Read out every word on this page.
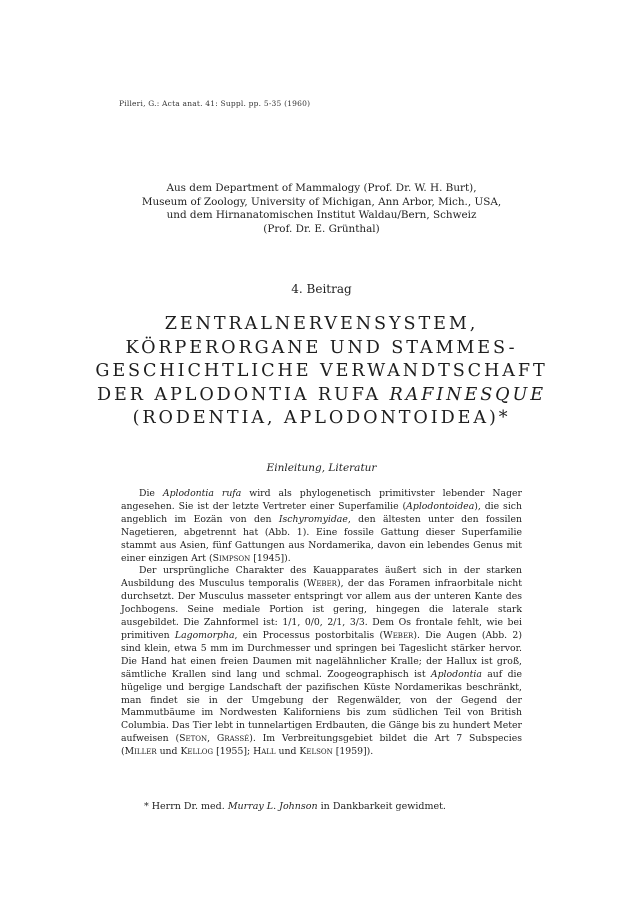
Pilleri, G.: Acta anat. 41: Suppl. pp. 5-35 (1960)
Aus dem Department of Mammalogy (Prof. Dr. W. H. Burt),
Museum of Zoology, University of Michigan, Ann Arbor, Mich., USA,
und dem Hirnanatomischen Institut Waldau/Bern, Schweiz
(Prof. Dr. E. Grünthal)
4. Beitrag
ZENTRALNERVENSYSTEM,
KÖRPERORGANE UND STAMMES-
GESCHICHTLICHE VERWANDTSCHAFT
DER APLODONTIA RUFA RAFINESQUE
(RODENTIA, APLODONTOIDEA)*
Einleitung, Literatur

Die Aplodontia rufa wird als phylogenetisch primitivster lebender Nager angesehen. Sie ist der letzte Vertreter einer Superfamilie (Aplodontoidea), die sich angeblich im Eozän von den Ischyromyidae, den ältesten unter den fossilen Nagetieren, abgetrennt hat (Abb. 1). Eine fossile Gattung dieser Superfamilie stammt aus Asien, fünf Gattungen aus Nordamerika, davon ein lebendes Genus mit einer einzigen Art (Simpson [1945]).

Der ursprüngliche Charakter des Kauapparates äußert sich in der starken Ausbildung des Musculus temporalis (Weber), der das Foramen infraorbitale nicht durchsetzt. Der Musculus masseter entspringt vor allem aus der unteren Kante des Jochbogens. Seine mediale Portion ist gering, hingegen die laterale stark ausgebildet. Die Zahnformel ist: 1/1, 0/0, 2/1, 3/3. Dem Os frontale fehlt, wie bei primitiven Lagomorpha, ein Processus postorbitalis (Weber). Die Augen (Abb. 2) sind klein, etwa 5 mm im Durchmesser und springen bei Tageslicht stärker hervor. Die Hand hat einen freien Daumen mit nagelähnlicher Kralle; der Hallux ist groß, sämtliche Krallen sind lang und schmal. Zoogeographisch ist Aplodontia auf die hügelige und bergige Landschaft der pazifischen Küste Nordamerikas beschränkt, man findet sie in der Umgebung der Regenwälder, von der Gegend der Mammutbäume im Nordwesten Kaliforniens bis zum südlichen Teil von British Columbia. Das Tier lebt in tunnelartigen Erdbauten, die Gänge bis zu hundert Meter aufweisen (Seton, Grassé). Im Verbreitungsgebiet bildet die Art 7 Subspecies (Miller und Kellog [1955]; Hall und Kelson [1959]).

* Herrn Dr. med. Murray L. Johnson in Dankbarkeit gewidmet.
